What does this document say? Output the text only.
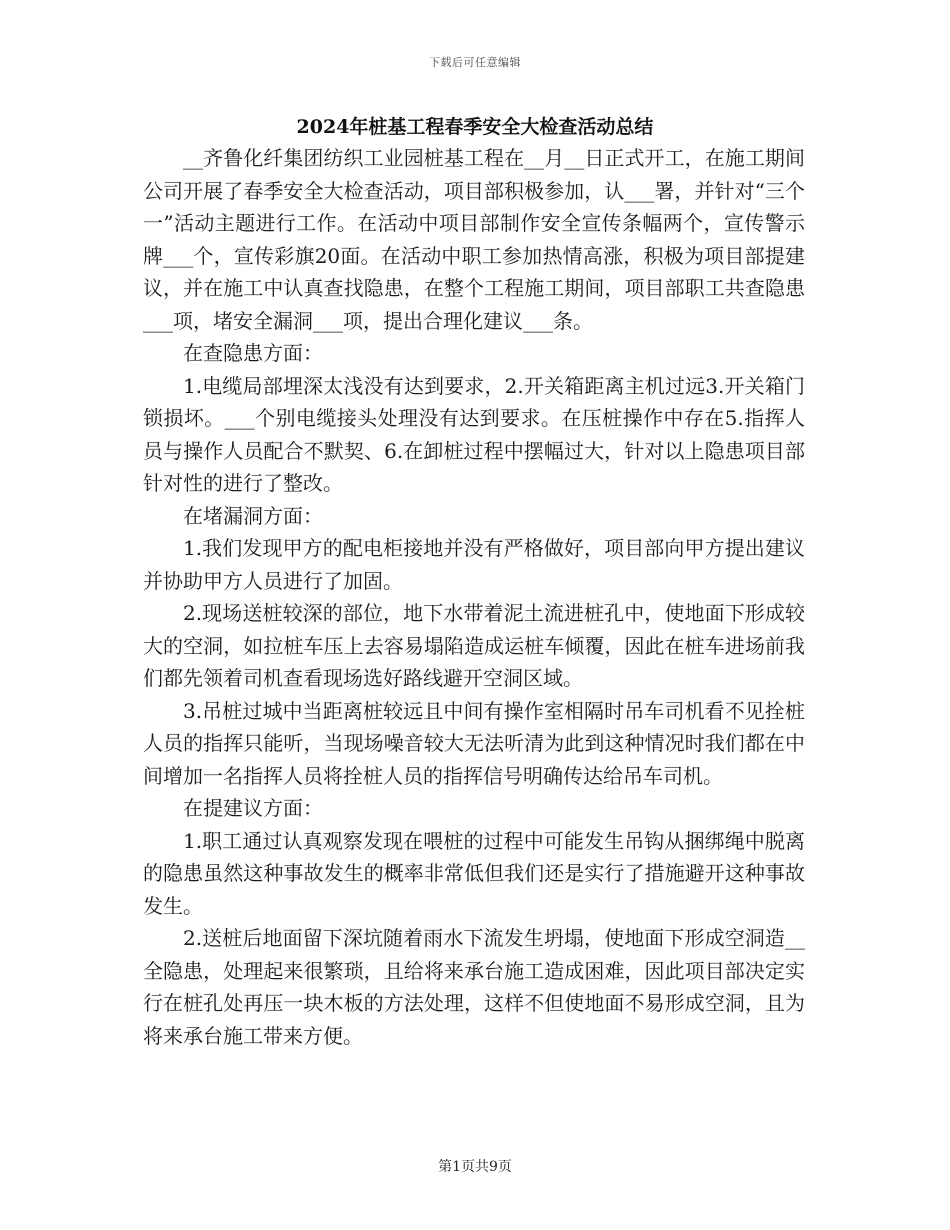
下载后可任意编辑
2024年桩基工程春季安全大检查活动总结

__齐鲁化纤集团纺织工业园桩基工程在__月__日正式开工，在施工期间公司开展了春季安全大检查活动，项目部积极参加，认___署，并针对“三个一”活动主题进行工作。在活动中项目部制作安全宣传条幅两个，宣传警示牌___个，宣传彩旗20面。在活动中职工参加热情高涨，积极为项目部提建议，并在施工中认真查找隐患，在整个工程施工期间，项目部职工共查隐患___项，堵安全漏洞___项，提出合理化建议___条。

在查隐患方面：

1.电缆局部埋深太浅没有达到要求，2.开关箱距离主机过远3.开关箱门锁损坏。___个别电缆接头处理没有达到要求。在压桩操作中存在5.指挥人员与操作人员配合不默契、6.在卸桩过程中摆幅过大，针对以上隐患项目部针对性的进行了整改。

在堵漏洞方面：

1.我们发现甲方的配电柜接地并没有严格做好，项目部向甲方提出建议并协助甲方人员进行了加固。

2.现场送桩较深的部位，地下水带着泥土流进桩孔中，使地面下形成较大的空洞，如拉桩车压上去容易塌陷造成运桩车倾覆，因此在桩车进场前我们都先领着司机查看现场选好路线避开空洞区域。

3.吊桩过城中当距离桩较远且中间有操作室相隔时吊车司机看不见拴桩人员的指挥只能听，当现场噪音较大无法听清为此到这种情况时我们都在中间增加一名指挥人员将拴桩人员的指挥信号明确传达给吊车司机。

在提建议方面：

1.职工通过认真观察发现在喂桩的过程中可能发生吊钩从捆绑绳中脱离的隐患虽然这种事故发生的概率非常低但我们还是实行了措施避开这种事故发生。

2.送桩后地面留下深坑随着雨水下流发生坍塌，使地面下形成空洞造__全隐患，处理起来很繁琐，且给将来承台施工造成困难，因此项目部决定实行在桩孔处再压一块木板的方法处理，这样不但使地面不易形成空洞，且为将来承台施工带来方便。

第1页共9页
